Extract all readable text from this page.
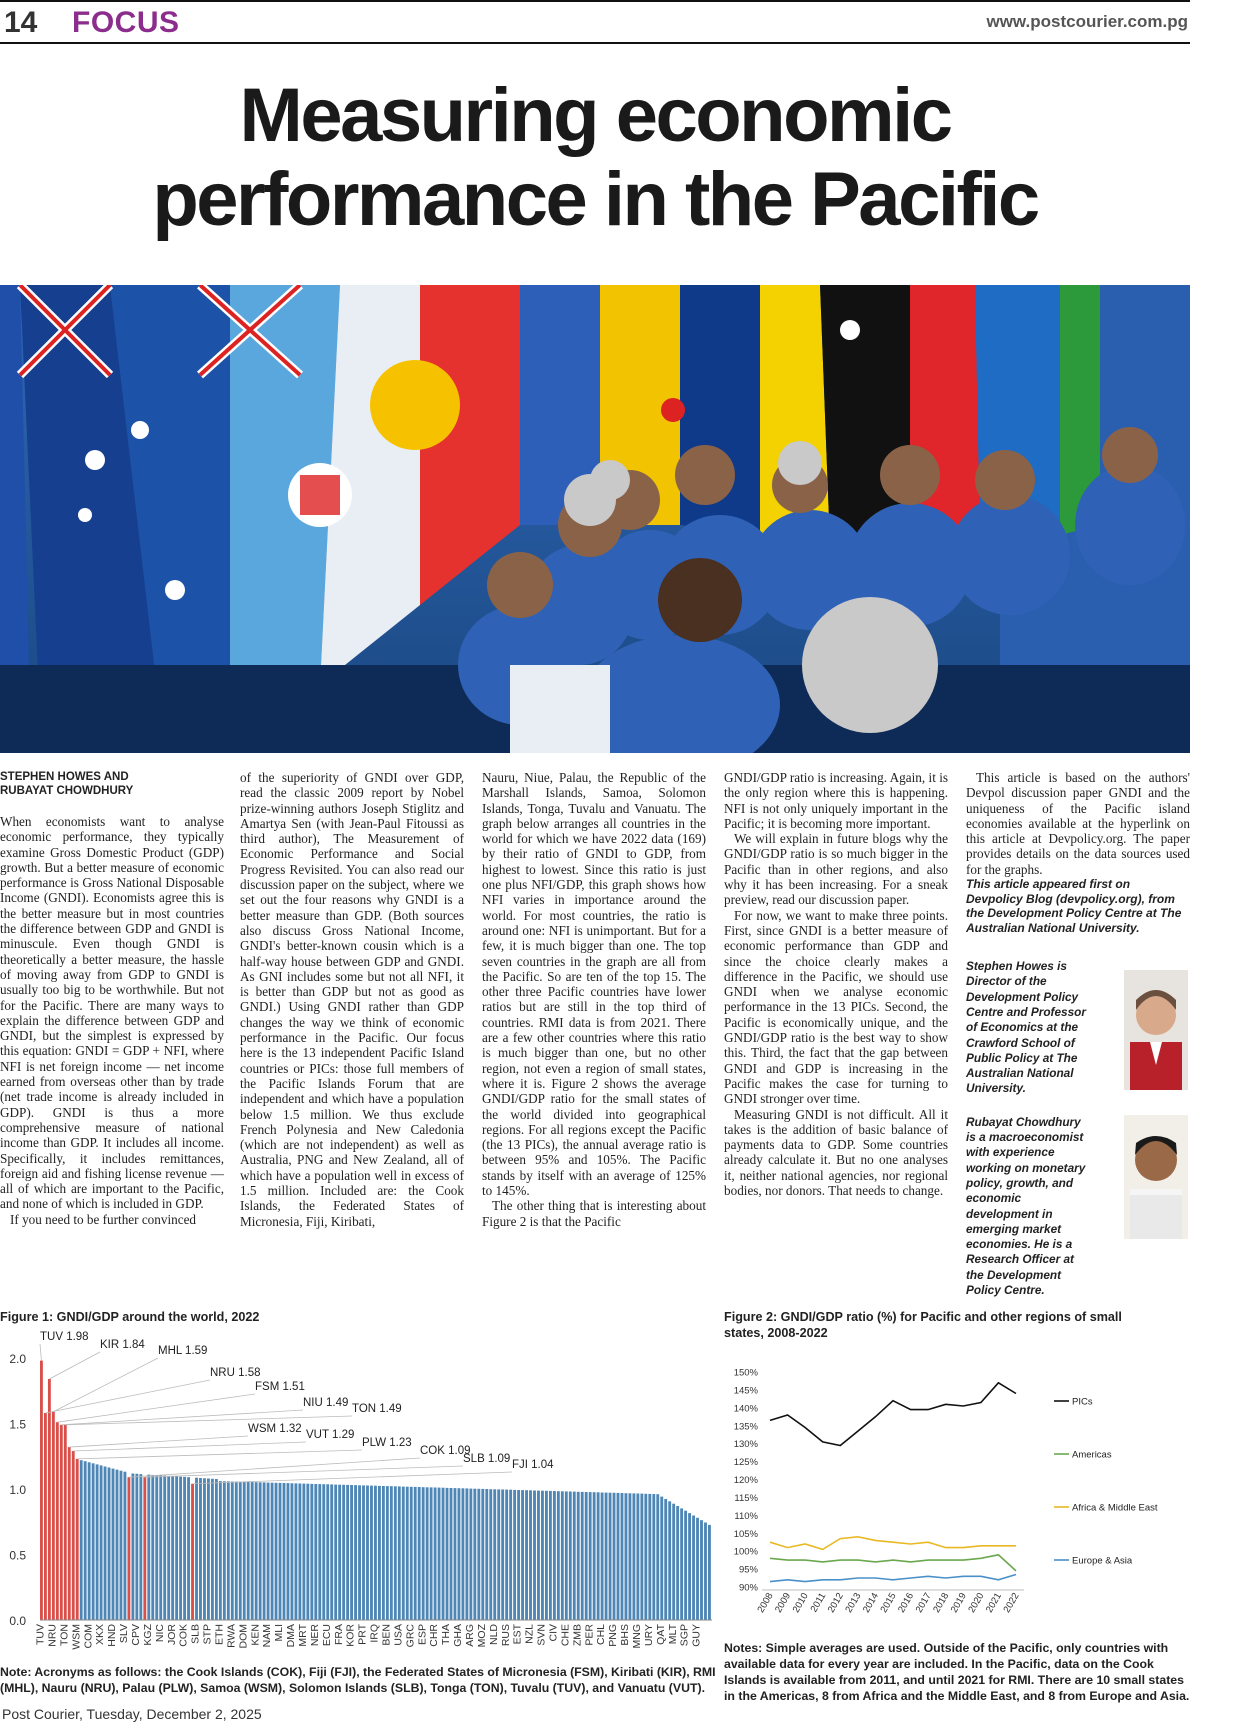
14 FOCUS	www.postcourier.com.pg
Measuring economic
performance in the Pacific
STEPHEN HOWES AND
RUBAYAT CHOWDHURY

When economists want to analyse economic performance, they typically examine Gross Domestic Product (GDP) growth. But a better measure of economic performance is Gross National Disposable Income (GNDI). Economists agree this is the better measure but in most countries the difference between GDP and GNDI is minuscule. Even though GNDI is theoretically a better measure, the hassle of moving away from GDP to GNDI is usually too big to be worthwhile. But not for the Pacific. There are many ways to explain the difference between GDP and GNDI, but the simplest is expressed by this equation: GNDI = GDP + NFI, where NFI is net foreign income — net income earned from overseas other than by trade (net trade income is already included in GDP). GNDI is thus a more comprehensive measure of national income than GDP. It includes all income. Specifically, it includes remittances, foreign aid and fishing license revenue — all of which are important to the Pacific, and none of which is included in GDP.

If you need to be further convinced

of the superiority of GNDI over GDP, read the classic 2009 report by Nobel prize-winning authors Joseph Stiglitz and Amartya Sen (with Jean-Paul Fitoussi as third author), The Measurement of Economic Performance and Social Progress Revisited. You can also read our discussion paper on the subject, where we set out the four reasons why GNDI is a better measure than GDP. (Both sources also discuss Gross National Income, GNDI's better-known cousin which is a half-way house between GDP and GNDI. As GNI includes some but not all NFI, it is better than GDP but not as good as GNDI.) Using GNDI rather than GDP changes the way we think of economic performance in the Pacific. Our focus here is the 13 independent Pacific Island countries or PICs: those full members of the Pacific Islands Forum that are independent and which have a population below 1.5 million. We thus exclude French Polynesia and New Caledonia (which are not independent) as well as Australia, PNG and New Zealand, all of which have a population well in excess of 1.5 million. Included are: the Cook Islands, the Federated States of Micronesia, Fiji, Kiribati,

Nauru, Niue, Palau, the Republic of the Marshall Islands, Samoa, Solomon Islands, Tonga, Tuvalu and Vanuatu. The graph below arranges all countries in the world for which we have 2022 data (169) by their ratio of GNDI to GDP, from highest to lowest. Since this ratio is just one plus NFI/GDP, this graph shows how NFI varies in importance around the world. For most countries, the ratio is around one: NFI is unimportant. But for a few, it is much bigger than one. The top seven countries in the graph are all from the Pacific. So are ten of the top 15. The other three Pacific countries have lower ratios but are still in the top third of countries. RMI data is from 2021. There are a few other countries where this ratio is much bigger than one, but no other region, not even a region of small states, where it is. Figure 2 shows the average GNDI/GDP ratio for the small states of the world divided into geographical regions. For all regions except the Pacific (the 13 PICs), the annual average ratio is between 95% and 105%. The Pacific stands by itself with an average of 125% to 145%.

The other thing that is interesting about Figure 2 is that the Pacific

GNDI/GDP ratio is increasing. Again, it is the only region where this is happening. NFI is not only uniquely important in the Pacific; it is becoming more important.

We will explain in future blogs why the GNDI/GDP ratio is so much bigger in the Pacific than in other regions, and also why it has been increasing. For a sneak preview, read our discussion paper.

For now, we want to make three points. First, since GNDI is a better measure of economic performance than GDP and since the choice clearly makes a difference in the Pacific, we should use GNDI when we analyse economic performance in the 13 PICs. Second, the Pacific is economically unique, and the GNDI/GDP ratio is the best way to show this. Third, the fact that the gap between GNDI and GDP is increasing in the Pacific makes the case for turning to GNDI stronger over time.

Measuring GNDI is not difficult. All it takes is the addition of basic balance of payments data to GDP. Some countries already calculate it. But no one analyses it, neither national agencies, nor regional bodies, nor donors. That needs to change.

This article is based on the authors' Devpol discussion paper GNDI and the uniqueness of the Pacific island economies available at the hyperlink on this article at Devpolicy.org. The paper provides details on the data sources used for the graphs.

This article appeared first on Devpolicy Blog (devpolicy.org), from the Development Policy Centre at The Australian National University.
Stephen Howes is Director of the Development Policy Centre and Professor of Economics at the Crawford School of Public Policy at The Australian National University.
Rubayat Chowdhury is a macroeconomist with experience working on monetary policy, growth, and economic development in emerging market economies. He is a Research Officer at the Development Policy Centre.
Figure 1: GNDI/GDP around the world, 2022
0.0
0.5
1.0
1.5
2.0
TUV 1.98
KIR 1.84 MHL 1.59
NRU 1.58
FSM 1.51
NIU 1.49 TON 1.49
WSM 1.32 VUT 1.29
PLW 1.23
COK 1.09
SLB 1.09 FJI 1.04
TUV NRU TON WSM COM XKX HND SLV CPV KGZ NIC JOR COK SLB STP ETH RWA DOM KEN NAM MLI DMA MRT NER ECU FRA KOR PRT IRQ BEN USA GRC ESP CHR THA GHA ARG MOZ NLD RUS EST NZL SVN CIV CHE ZMB PER CHL PNG BHS MNG URY QAT MLT SGP GUY
Note: Acronyms as follows: the Cook Islands (COK), Fiji (FJI), the Federated States of Micronesia (FSM), Kiribati (KIR), RMI (MHL), Nauru (NRU), Palau (PLW), Samoa (WSM), Solomon Islands (SLB), Tonga (TON), Tuvalu (TUV), and Vanuatu (VUT).
Figure 2: GNDI/GDP ratio (%) for Pacific and other regions of small states, 2008-2022
90%
95%
100%
105%
110%
115%
120%
125%
130%
135%
140%
145%
150%
2008
2009
2010
2011
2012
2013
2014
2015
2016
2017
2018
2019
2020
2021
2022
PICs
Americas
Africa & Middle East
Europe & Asia
Notes: Simple averages are used. Outside of the Pacific, only countries with available data for every year are included. In the Pacific, data on the Cook Islands is available from 2011, and until 2021 for RMI. There are 10 small states in the Americas, 8 from Africa and the Middle East, and 8 from Europe and Asia.
Post Courier, Tuesday, December 2, 2025
